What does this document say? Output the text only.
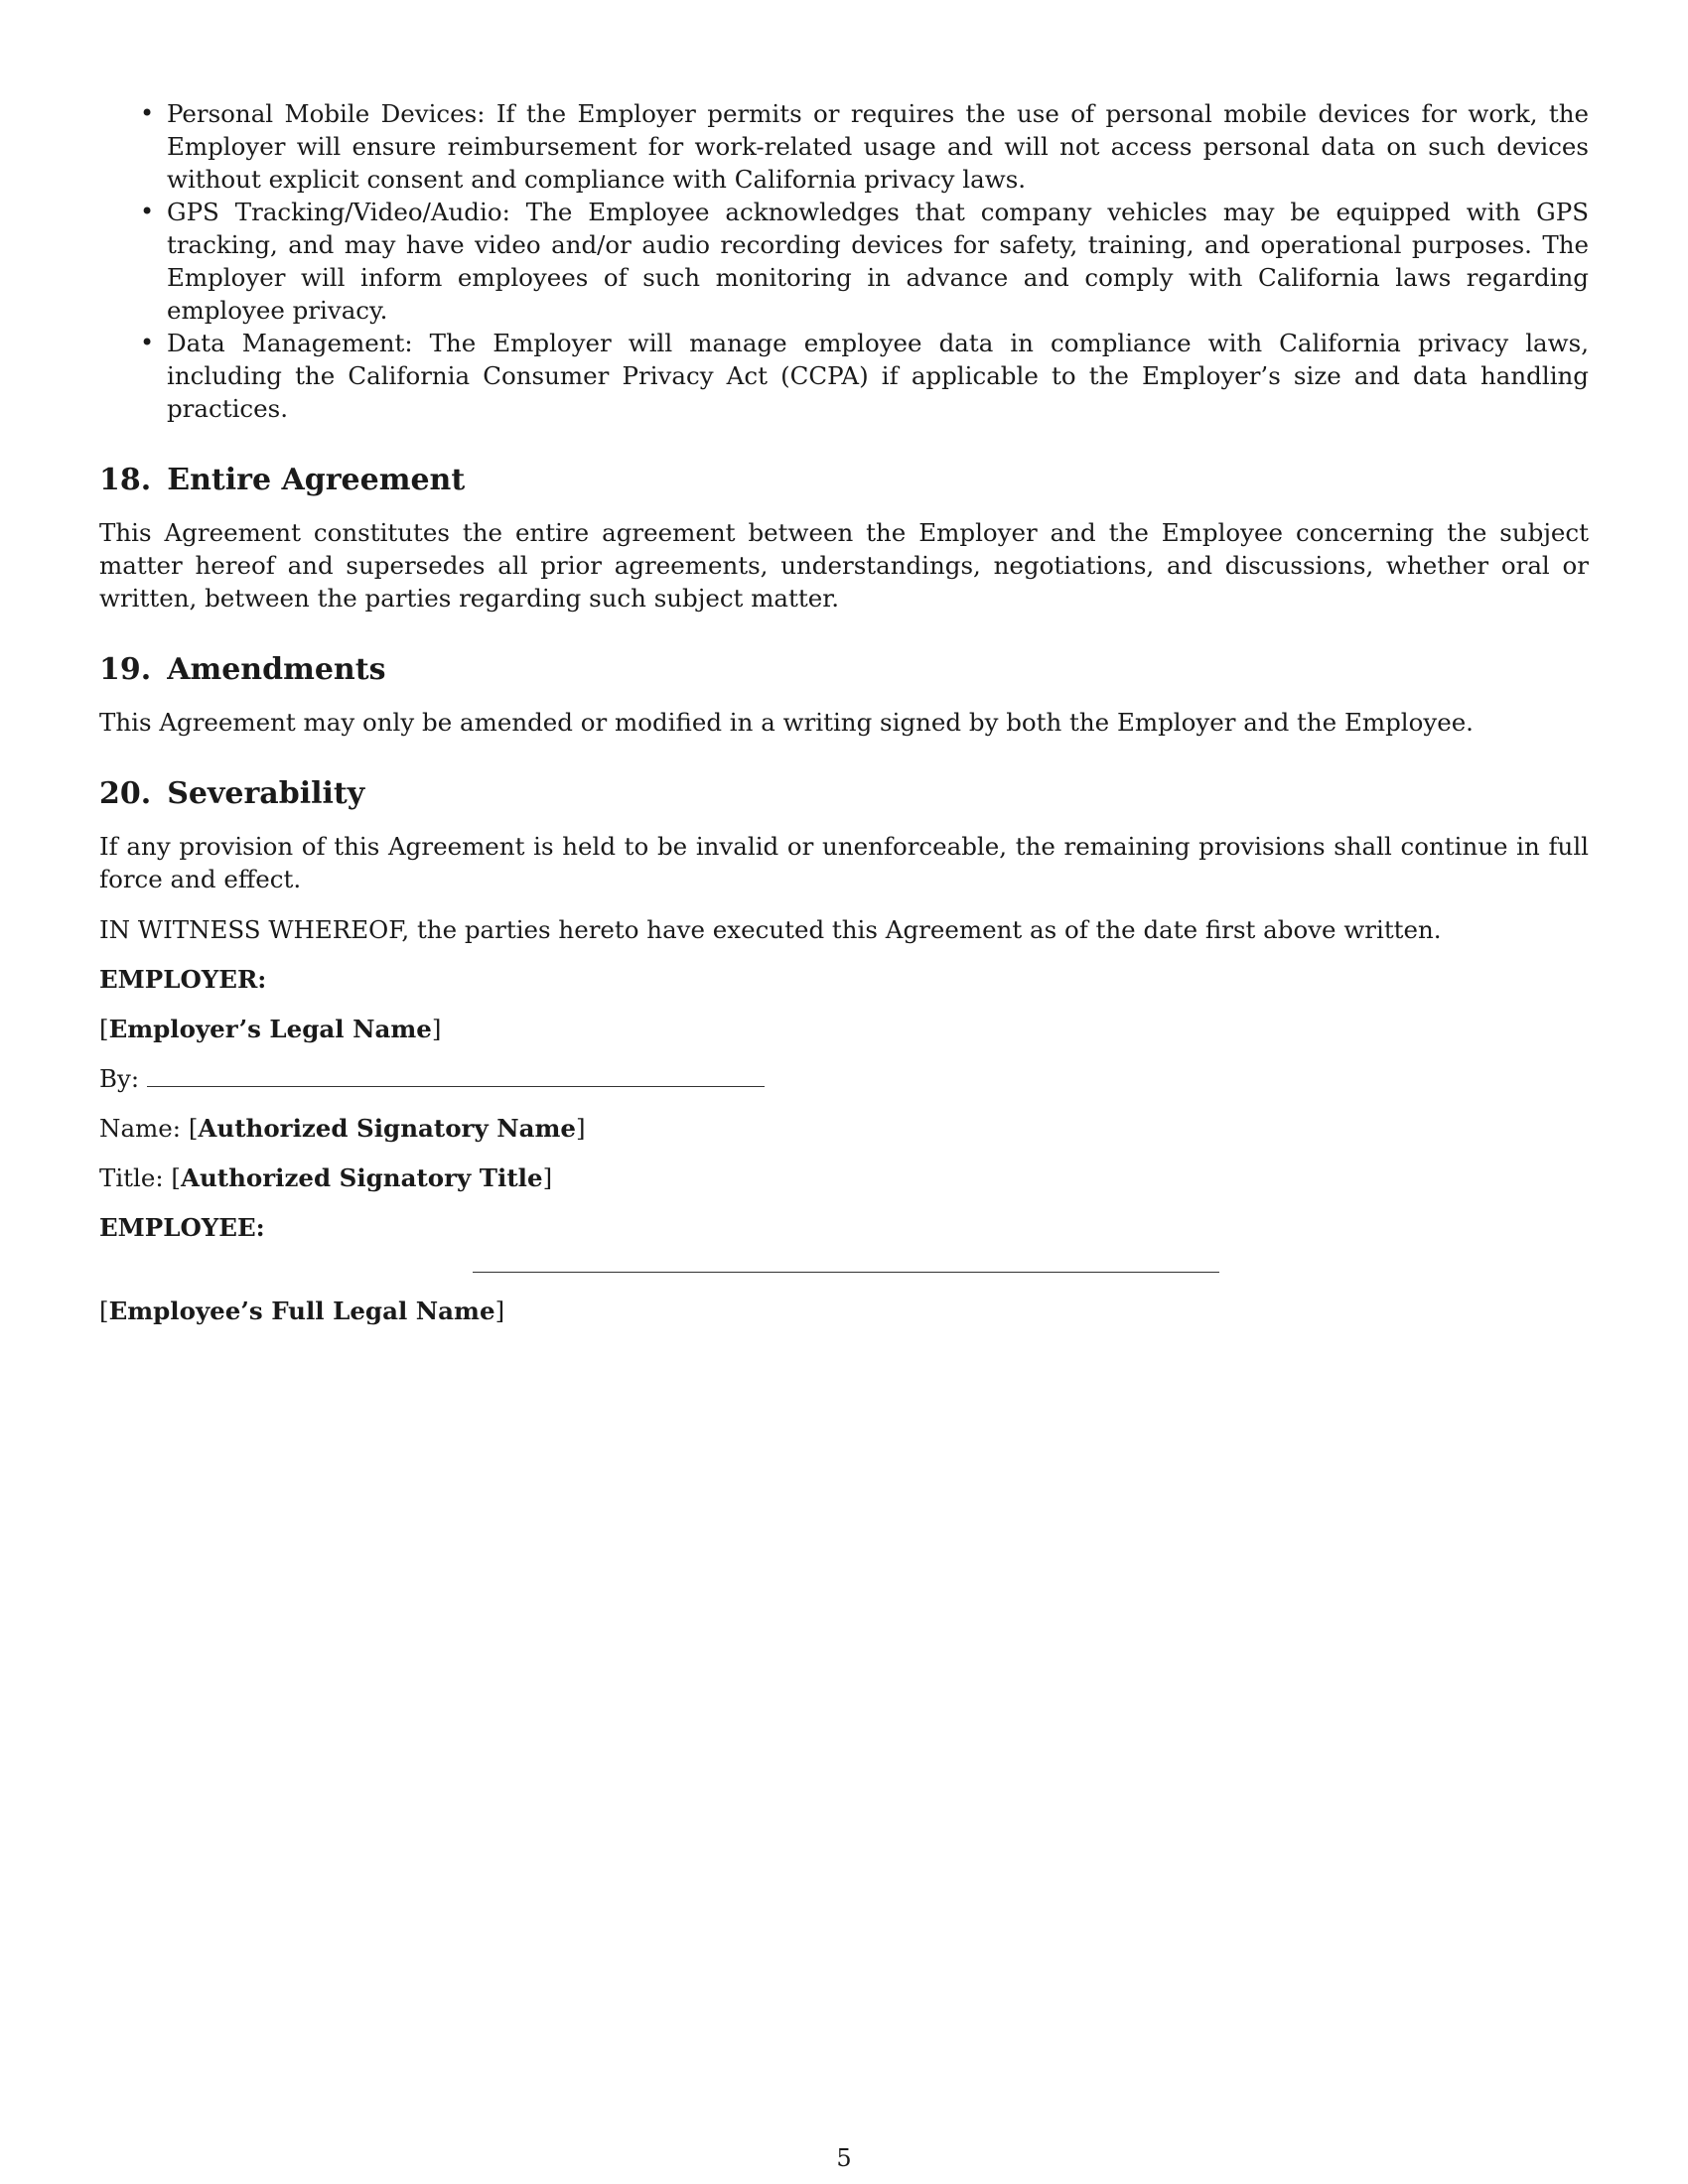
• Personal Mobile Devices: If the Employer permits or requires the use of personal mobile devices for work, the Employer will ensure reimbursement for work-related usage and will not access personal data on such devices without explicit consent and compliance with California privacy laws.
• GPS Tracking/Video/Audio: The Employee acknowledges that company vehicles may be equipped with GPS tracking, and may have video and/or audio recording devices for safety, training, and operational purposes. The Employer will inform employees of such monitoring in advance and comply with California laws regarding employee privacy.
• Data Management: The Employer will manage employee data in compliance with California privacy laws, including the California Consumer Privacy Act (CCPA) if applicable to the Employer’s size and data handling practices.
18. Entire Agreement

This Agreement constitutes the entire agreement between the Employer and the Employee concerning the subject matter hereof and supersedes all prior agreements, understandings, negotiations, and discussions, whether oral or written, between the parties regarding such subject matter.

19. Amendments

This Agreement may only be amended or modified in a writing signed by both the Employer and the Employee.

20. Severability

If any provision of this Agreement is held to be invalid or unenforceable, the remaining provisions shall continue in full force and effect.

IN WITNESS WHEREOF, the parties hereto have executed this Agreement as of the date first above written.

EMPLOYER:
[Employer’s Legal Name]
By:
Name: [Authorized Signatory Name]
Title: [Authorized Signatory Title]
EMPLOYEE:
[Employee’s Full Legal Name]
5
